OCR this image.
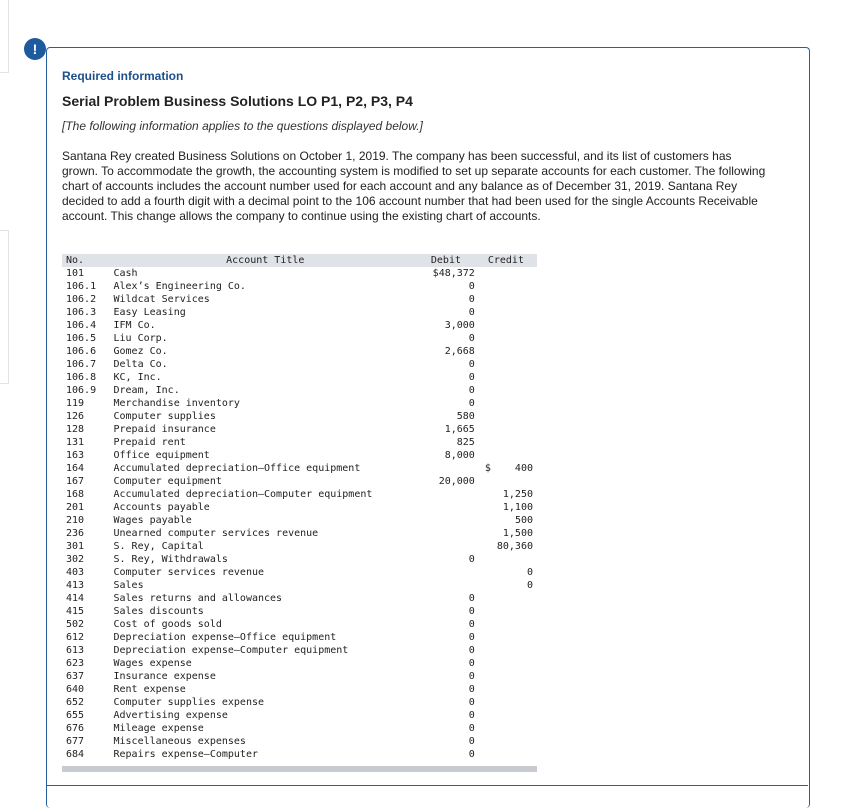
!
Required information
Serial Problem Business Solutions LO P1, P2, P3, P4
[The following information applies to the questions displayed below.]

Santana Rey created Business Solutions on October 1, 2019. The company has been successful, and its list of customers has grown. To accommodate the growth, the accounting system is modified to set up separate accounts for each customer. The following chart of accounts includes the account number used for each account and any balance as of December 31, 2019. Santana Rey decided to add a fourth digit with a decimal point to the 106 account number that had been used for the single Accounts Receivable account. This change allows the company to continue using the existing chart of accounts.

No.	Account Title	Debit	Credit
101	Cash	$48,372	
106.1	Alex’s Engineering Co.	0	
106.2	Wildcat Services	0	
106.3	Easy Leasing	0	
106.4	IFM Co.	3,000	
106.5	Liu Corp.	0	
106.6	Gomez Co.	2,668	
106.7	Delta Co.	0	
106.8	KC, Inc.	0	
106.9	Dream, Inc.	0	
119	Merchandise inventory	0	
126	Computer supplies	580	
128	Prepaid insurance	1,665	
131	Prepaid rent	825	
163	Office equipment	8,000	
164	Accumulated depreciation—Office equipment		$    400
167	Computer equipment	20,000	
168	Accumulated depreciation—Computer equipment		1,250
201	Accounts payable		1,100
210	Wages payable		500
236	Unearned computer services revenue		1,500
301	S. Rey, Capital		80,360
302	S. Rey, Withdrawals	0	
403	Computer services revenue		0
413	Sales		0
414	Sales returns and allowances	0	
415	Sales discounts	0	
502	Cost of goods sold	0	
612	Depreciation expense—Office equipment	0	
613	Depreciation expense—Computer equipment	0	
623	Wages expense	0	
637	Insurance expense	0	
640	Rent expense	0	
652	Computer supplies expense	0	
655	Advertising expense	0	
676	Mileage expense	0	
677	Miscellaneous expenses	0	
684	Repairs expense—Computer	0	
